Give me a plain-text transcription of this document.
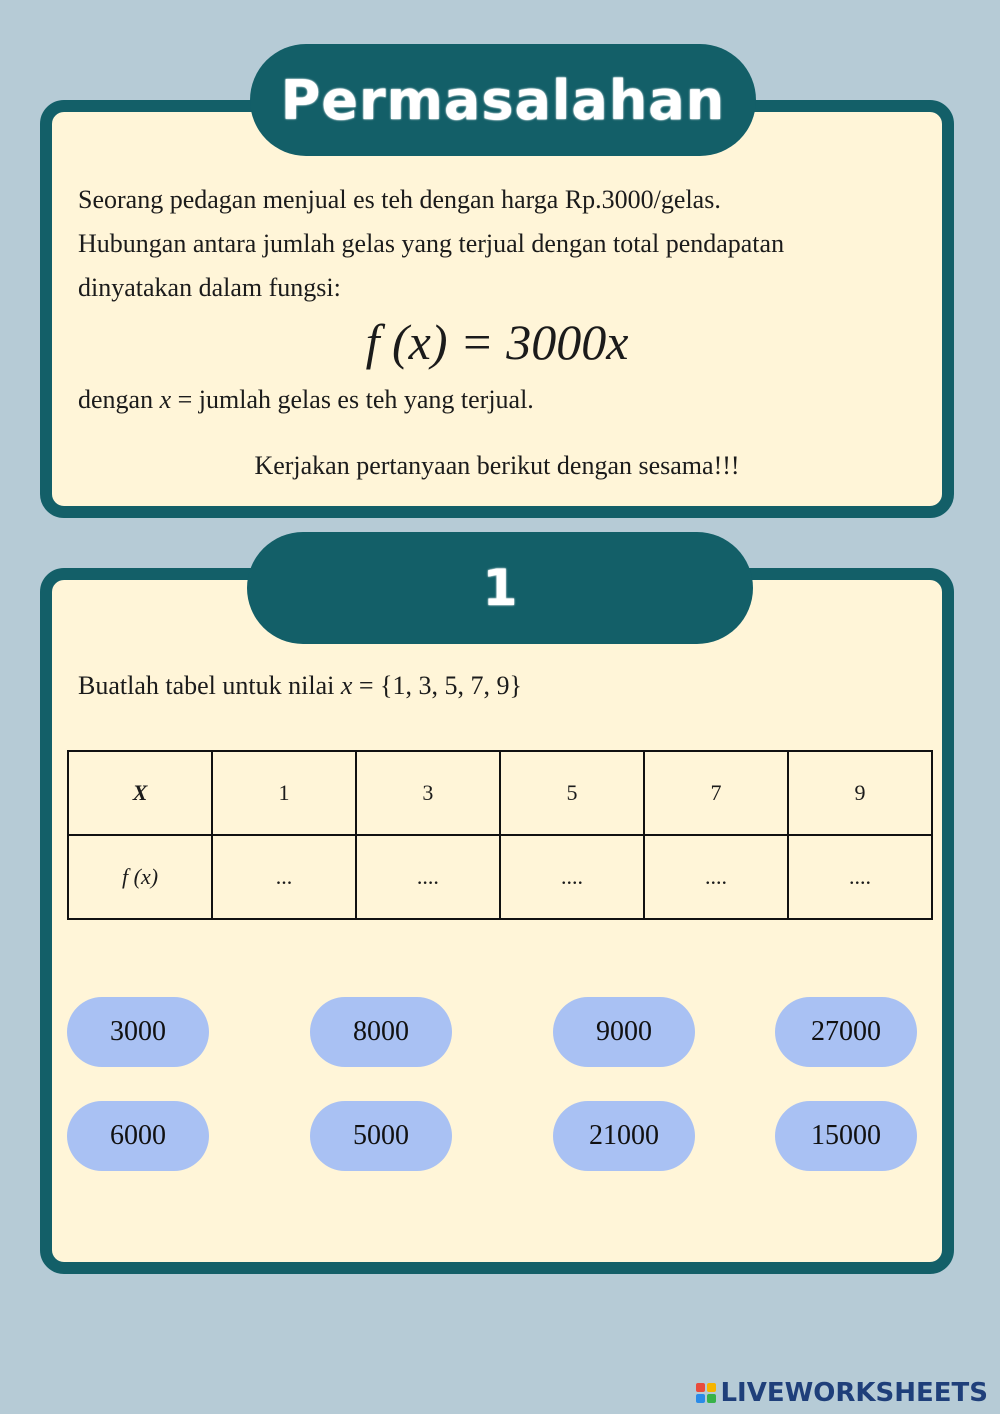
Seorang pedagan menjual es teh dengan harga Rp.3000/gelas.
Hubungan antara jumlah gelas yang terjual dengan total pendapatan
dinyatakan dalam fungsi:
f (x) = 3000x
dengan x = jumlah gelas es teh yang terjual.
Kerjakan pertanyaan berikut dengan sesama!!!
Permasalahan
Buatlah tabel untuk nilai x = {1, 3, 5, 7, 9}
X	1	3	5	7	9
f (x)	...	....	....	....	....
3000	8000	9000	27000
6000	5000	21000	15000
1
LIVEWORKSHEETS
